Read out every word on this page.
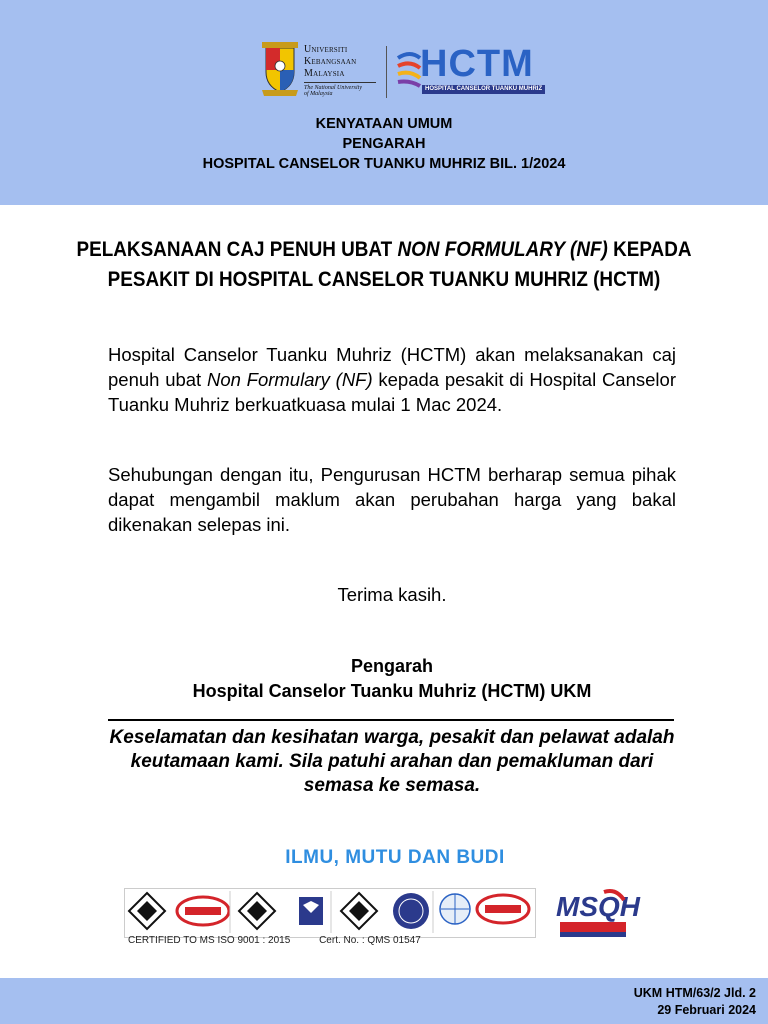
Universiti
Kebangsaan
Malaysia
The National University
of Malaysia
HCTM
HOSPITAL CANSELOR TUANKU MUHRIZ
KENYATAAN UMUM
PENGARAH
HOSPITAL CANSELOR TUANKU MUHRIZ BIL. 1/2024
PELAKSANAAN CAJ PENUH UBAT NON FORMULARY (NF) KEPADA PESAKIT DI HOSPITAL CANSELOR TUANKU MUHRIZ (HCTM)
Hospital Canselor Tuanku Muhriz (HCTM) akan melaksanakan caj penuh ubat Non Formulary (NF) kepada pesakit di Hospital Canselor Tuanku Muhriz berkuatkuasa mulai 1 Mac 2024.
Sehubungan dengan itu, Pengurusan HCTM berharap semua pihak dapat mengambil maklum akan perubahan harga yang bakal dikenakan selepas ini.
Terima kasih.
Pengarah
Hospital Canselor Tuanku Muhriz (HCTM) UKM
Keselamatan dan kesihatan warga, pesakit dan pelawat adalah keutamaan kami. Sila patuhi arahan dan pemakluman dari semasa ke semasa.
ILMU, MUTU DAN BUDI
CERTIFIED TO MS ISO 9001 : 2015	Cert. No. : QMS 01547
MSQH
UKM HTM/63/2 Jld. 2
29 Februari 2024
